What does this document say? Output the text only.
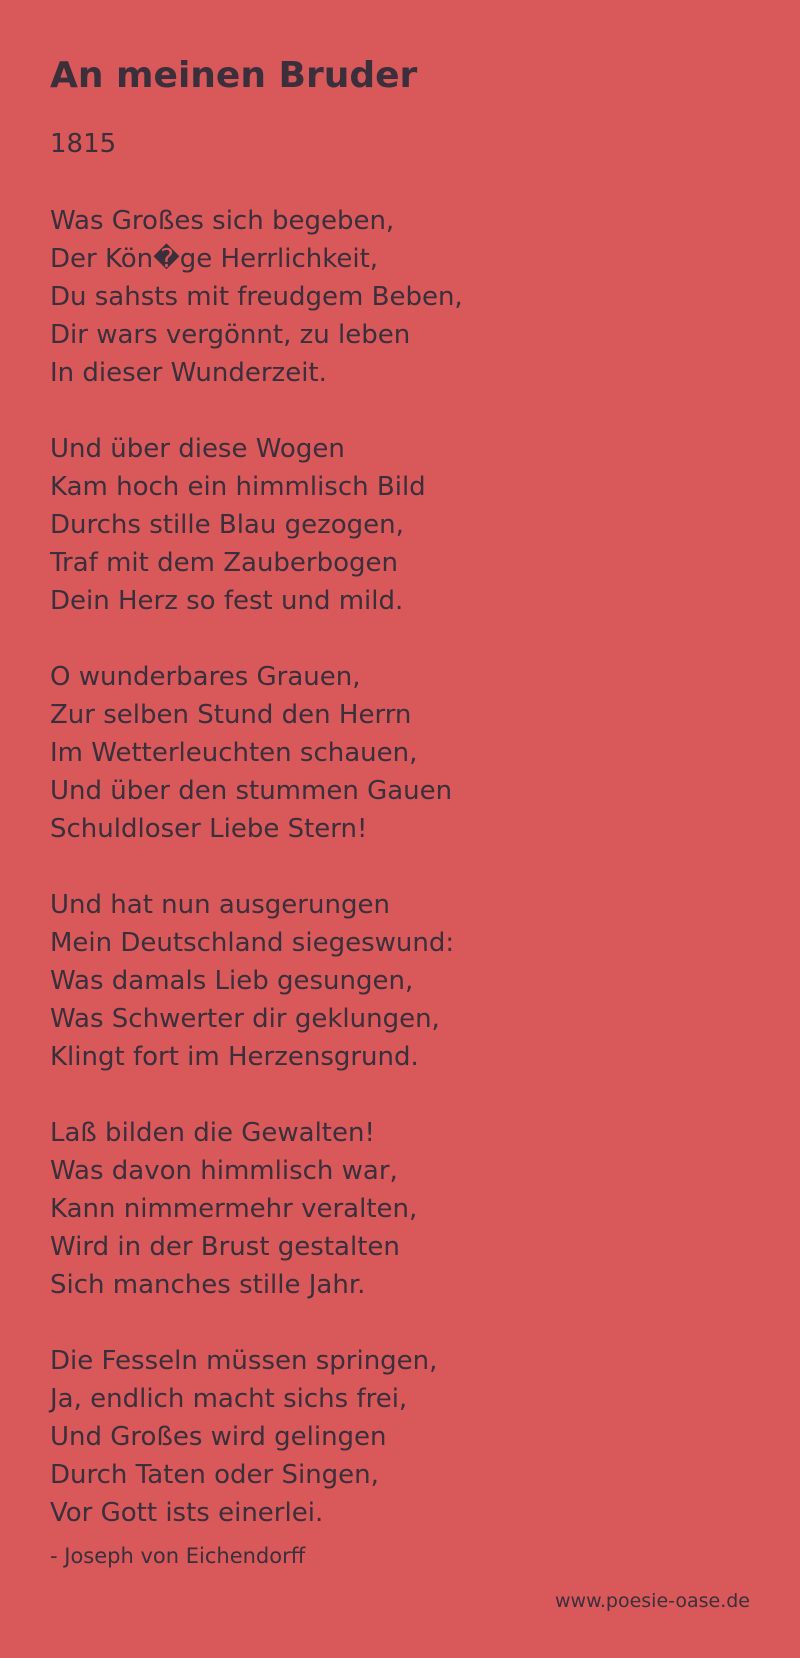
An meinen Bruder

1815

Was Großes sich begeben,
Der Kön�ge Herrlichkeit,
Du sahsts mit freudgem Beben,
Dir wars vergönnt, zu leben
In dieser Wunderzeit.
Und über diese Wogen
Kam hoch ein himmlisch Bild
Durchs stille Blau gezogen,
Traf mit dem Zauberbogen
Dein Herz so fest und mild.
O wunderbares Grauen,
Zur selben Stund den Herrn
Im Wetterleuchten schauen,
Und über den stummen Gauen
Schuldloser Liebe Stern!
Und hat nun ausgerungen
Mein Deutschland siegeswund:
Was damals Lieb gesungen,
Was Schwerter dir geklungen,
Klingt fort im Herzensgrund.
Laß bilden die Gewalten!
Was davon himmlisch war,
Kann nimmermehr veralten,
Wird in der Brust gestalten
Sich manches stille Jahr.
Die Fesseln müssen springen,
Ja, endlich macht sichs frei,
Und Großes wird gelingen
Durch Taten oder Singen,
Vor Gott ists einerlei.

- Joseph von Eichendorff

www.poesie-oase.de
